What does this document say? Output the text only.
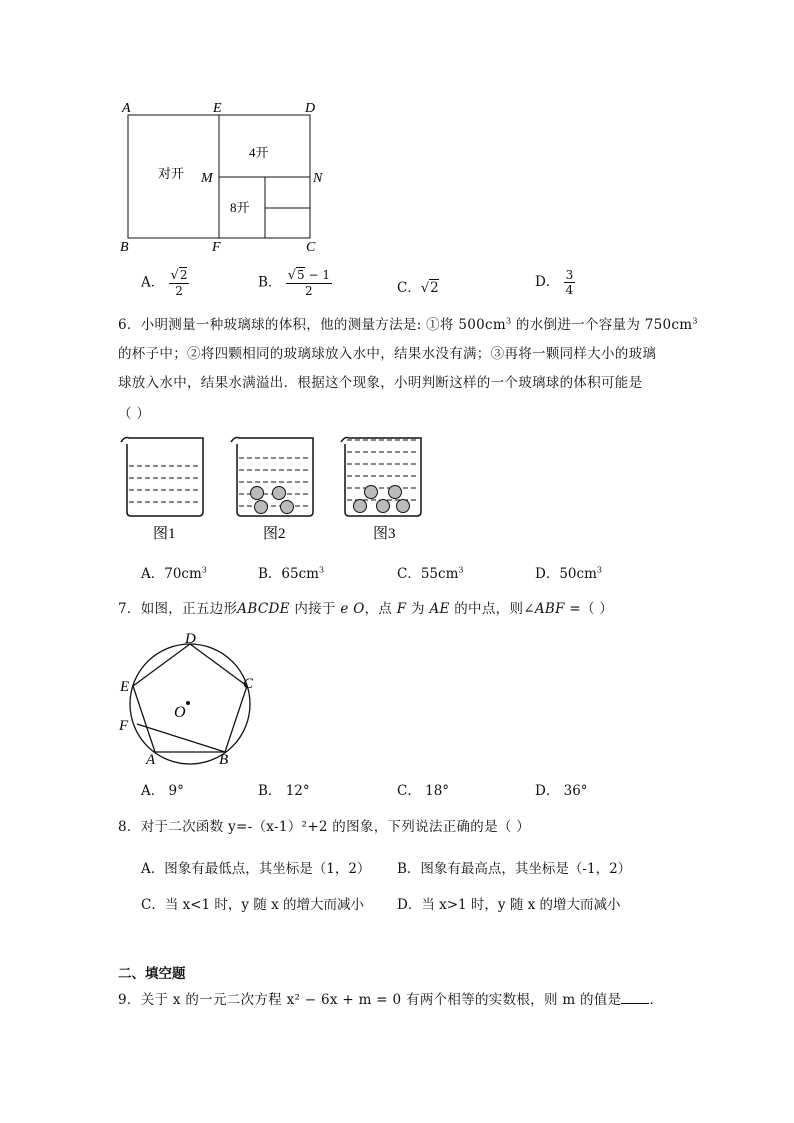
A	E	D
M	N
B	F	C
对开
4开
8开
A． $\frac{√2}{2}$	B． $\frac{√5 - 1}{2}$	C．√2	D． $\frac{3}{4}$
6．小明测量一种玻璃球的体积，他的测量方法是: ①将 $500cm^3$ 的水倒进一个容量为 $750cm^3$
的杯子中；②将四颗相同的玻璃球放入水中，结果水没有满；③再将一颗同样大小的玻璃
球放入水中，结果水满溢出．根据这个现象，小明判断这样的一个玻璃球的体积可能是
（ ）
图1	图2	图3
A．$70cm^3$	B．$65cm^3$	C．$55cm^3$	D．$50cm^3$
7．如图，正五边形ABCDE 内接于 e O，点 F 为 AE 的中点，则∠ABF =（ ）
D
E	C
O
F
A	B
A． 9°	B． 12°	C． 18°	D． 36°
8．对于二次函数 y=-（x-1）²+2 的图象，下列说法正确的是（ ）
A．图象有最低点，其坐标是（1，2） B．图象有最高点，其坐标是（-1，2）
C．当 x<1 时，y 随 x 的增大而减小 D．当 x>1 时，y 随 x 的增大而减小
二、填空题
9．关于 x 的一元二次方程 x² − 6x + m = 0 有两个相等的实数根，则 m 的值是 ．
